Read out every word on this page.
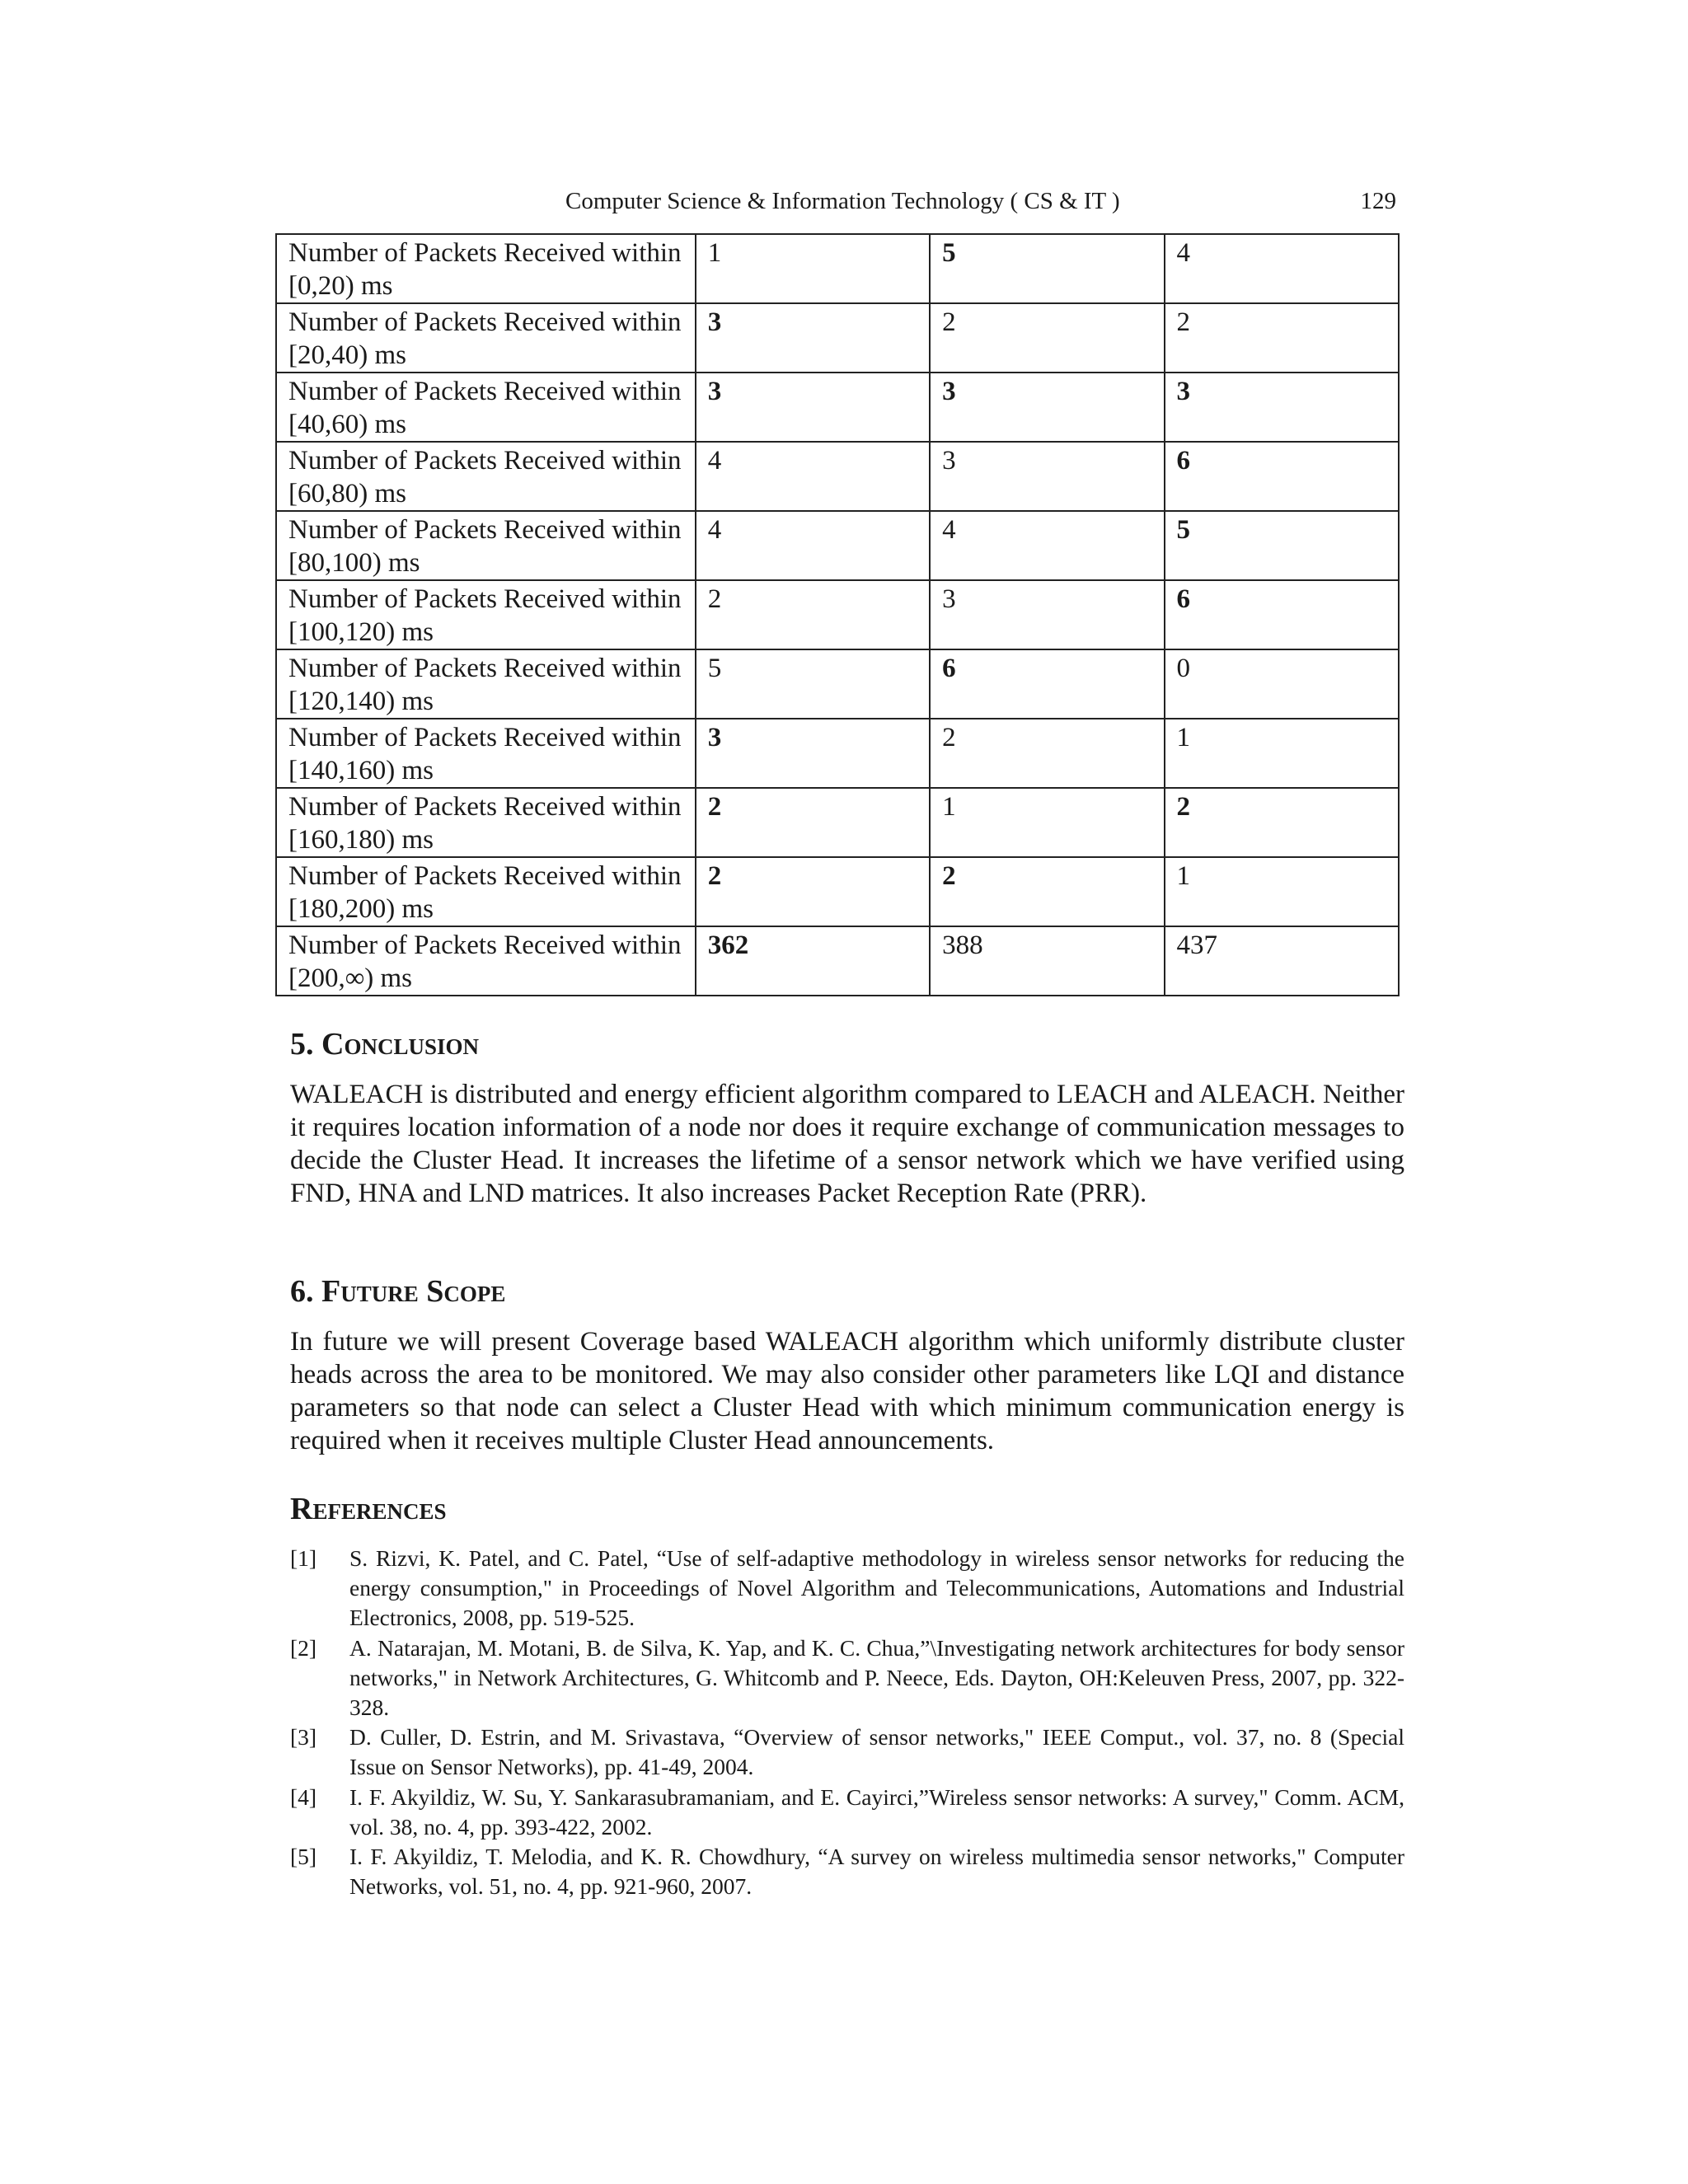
Computer Science & Information Technology ( CS & IT )	129
Number of Packets Received within [0,20) ms	1	5	4
Number of Packets Received within [20,40) ms	3	2	2
Number of Packets Received within [40,60) ms	3	3	3
Number of Packets Received within [60,80) ms	4	3	6
Number of Packets Received within [80,100) ms	4	4	5
Number of Packets Received within [100,120) ms	2	3	6
Number of Packets Received within [120,140) ms	5	6	0
Number of Packets Received within [140,160) ms	3	2	1
Number of Packets Received within [160,180) ms	2	1	2
Number of Packets Received within [180,200) ms	2	2	1
Number of Packets Received within [200,∞) ms	362	388	437
5. Conclusion

WALEACH is distributed and energy efficient algorithm compared to LEACH and ALEACH. Neither it requires location information of a node nor does it require exchange of communication messages to decide the Cluster Head. It increases the lifetime of a sensor network which we have verified using FND, HNA and LND matrices. It also increases Packet Reception Rate (PRR).

6. Future Scope

In future we will present Coverage based WALEACH algorithm which uniformly distribute cluster heads across the area to be monitored. We may also consider other parameters like LQI and distance parameters so that node can select a Cluster Head with which minimum communication energy is required when it receives multiple Cluster Head announcements.

References
[1] S. Rizvi, K. Patel, and C. Patel, “Use of self-adaptive methodology in wireless sensor networks for reducing the energy consumption," in Proceedings of Novel Algorithm and Telecommunications, Automations and Industrial Electronics, 2008, pp. 519-525.
[2] A. Natarajan, M. Motani, B. de Silva, K. Yap, and K. C. Chua,”\Investigating network architectures for body sensor networks," in Network Architectures, G. Whitcomb and P. Neece, Eds. Dayton, OH:Keleuven Press, 2007, pp. 322-328.
[3] D. Culler, D. Estrin, and M. Srivastava, “Overview of sensor networks," IEEE Comput., vol. 37, no. 8 (Special Issue on Sensor Networks), pp. 41-49, 2004.
[4] I. F. Akyildiz, W. Su, Y. Sankarasubramaniam, and E. Cayirci,”Wireless sensor networks: A survey," Comm. ACM, vol. 38, no. 4, pp. 393-422, 2002.
[5] I. F. Akyildiz, T. Melodia, and K. R. Chowdhury, “A survey on wireless multimedia sensor networks," Computer Networks, vol. 51, no. 4, pp. 921-960, 2007.
